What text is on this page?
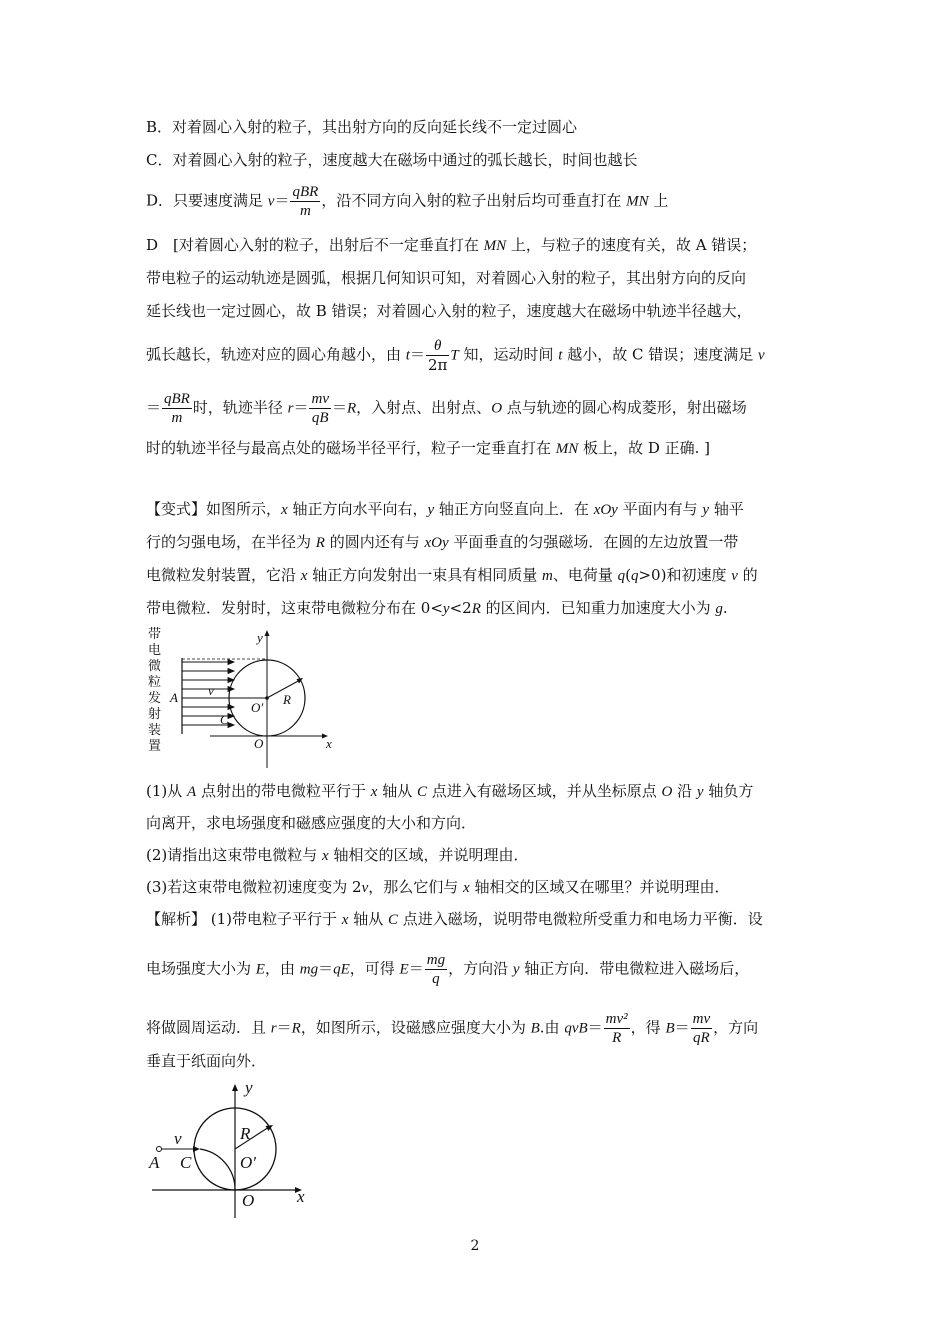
B．对着圆心入射的粒子，其出射方向的反向延长线不一定过圆心
C．对着圆心入射的粒子，速度越大在磁场中通过的弧长越长，时间也越长
D．只要速度满足 $v= \frac{\text{qBR}}{m}$ ，沿不同方向入射的粒子出射后均可垂直打在 MN 上
D　[对着圆心入射的粒子，出射后不一定垂直打在 MN 上，与粒子的速度有关，故 A 错误；
带电粒子的运动轨迹是圆弧，根据几何知识可知，对着圆心入射的粒子，其出射方向的反向
延长线也一定过圆心，故 B 错误；对着圆心入射的粒子，速度越大在磁场中轨迹半径越大，
弧长越长，轨迹对应的圆心角越小，由 $t= \frac{\theta}{2\pi}$ T 知，运动时间 t 越小，故 C 错误；速度满足 v
＝ $\frac{\text{qBR}}{m}$ 时，轨迹半径 $r= \frac{mv}{qB} =R$，入射点、出射点、O 点与轨迹的圆心构成菱形，射出磁场
时的轨迹半径与最高点处的磁场半径平行，粒子一定垂直打在 MN 板上，故 D 正确. ]
【变式】如图所示，x 轴正方向水平向右，y 轴正方向竖直向上．在 xOy 平面内有与 y 轴平
行的匀强电场，在半径为 R 的圆内还有与 xOy 平面垂直的匀强磁场．在圆的左边放置一带
电微粒发射装置，它沿 x 轴正方向发射出一束具有相同质量 m、电荷量 q(q>0)和初速度 v 的
带电微粒．发射时，这束带电微粒分布在 0<y<2R 的区间内．已知重力加速度大小为 g.
带
电
微
粒
发
射
装
置
A v
C
O′
R
O	x
y
(1)从 A 点射出的带电微粒平行于 x 轴从 C 点进入有磁场区域，并从坐标原点 O 沿 y 轴负方
向离开，求电场强度和磁感应强度的大小和方向．
(2)请指出这束带电微粒与 x 轴相交的区域，并说明理由．
(3)若这束带电微粒初速度变为 2v，那么它们与 x 轴相交的区域又在哪里？并说明理由．
【解析】 (1)带电粒子平行于 x 轴从 C 点进入磁场，说明带电微粒所受重力和电场力平衡．设
电场强度大小为 E，由 mg＝qE，可得 $E= \frac{mg}{q}$ ，方向沿 y 轴正方向．带电微粒进入磁场后，
将做圆周运动．且 r＝R，如图所示，设磁感应强度大小为 B.由 $qvB= \frac{\text{mv²}}{R}$ ，得 $B= \frac{mv}{qR}$ ，方向
垂直于纸面向外．
y
v
A C
R
O′
O	x
2
